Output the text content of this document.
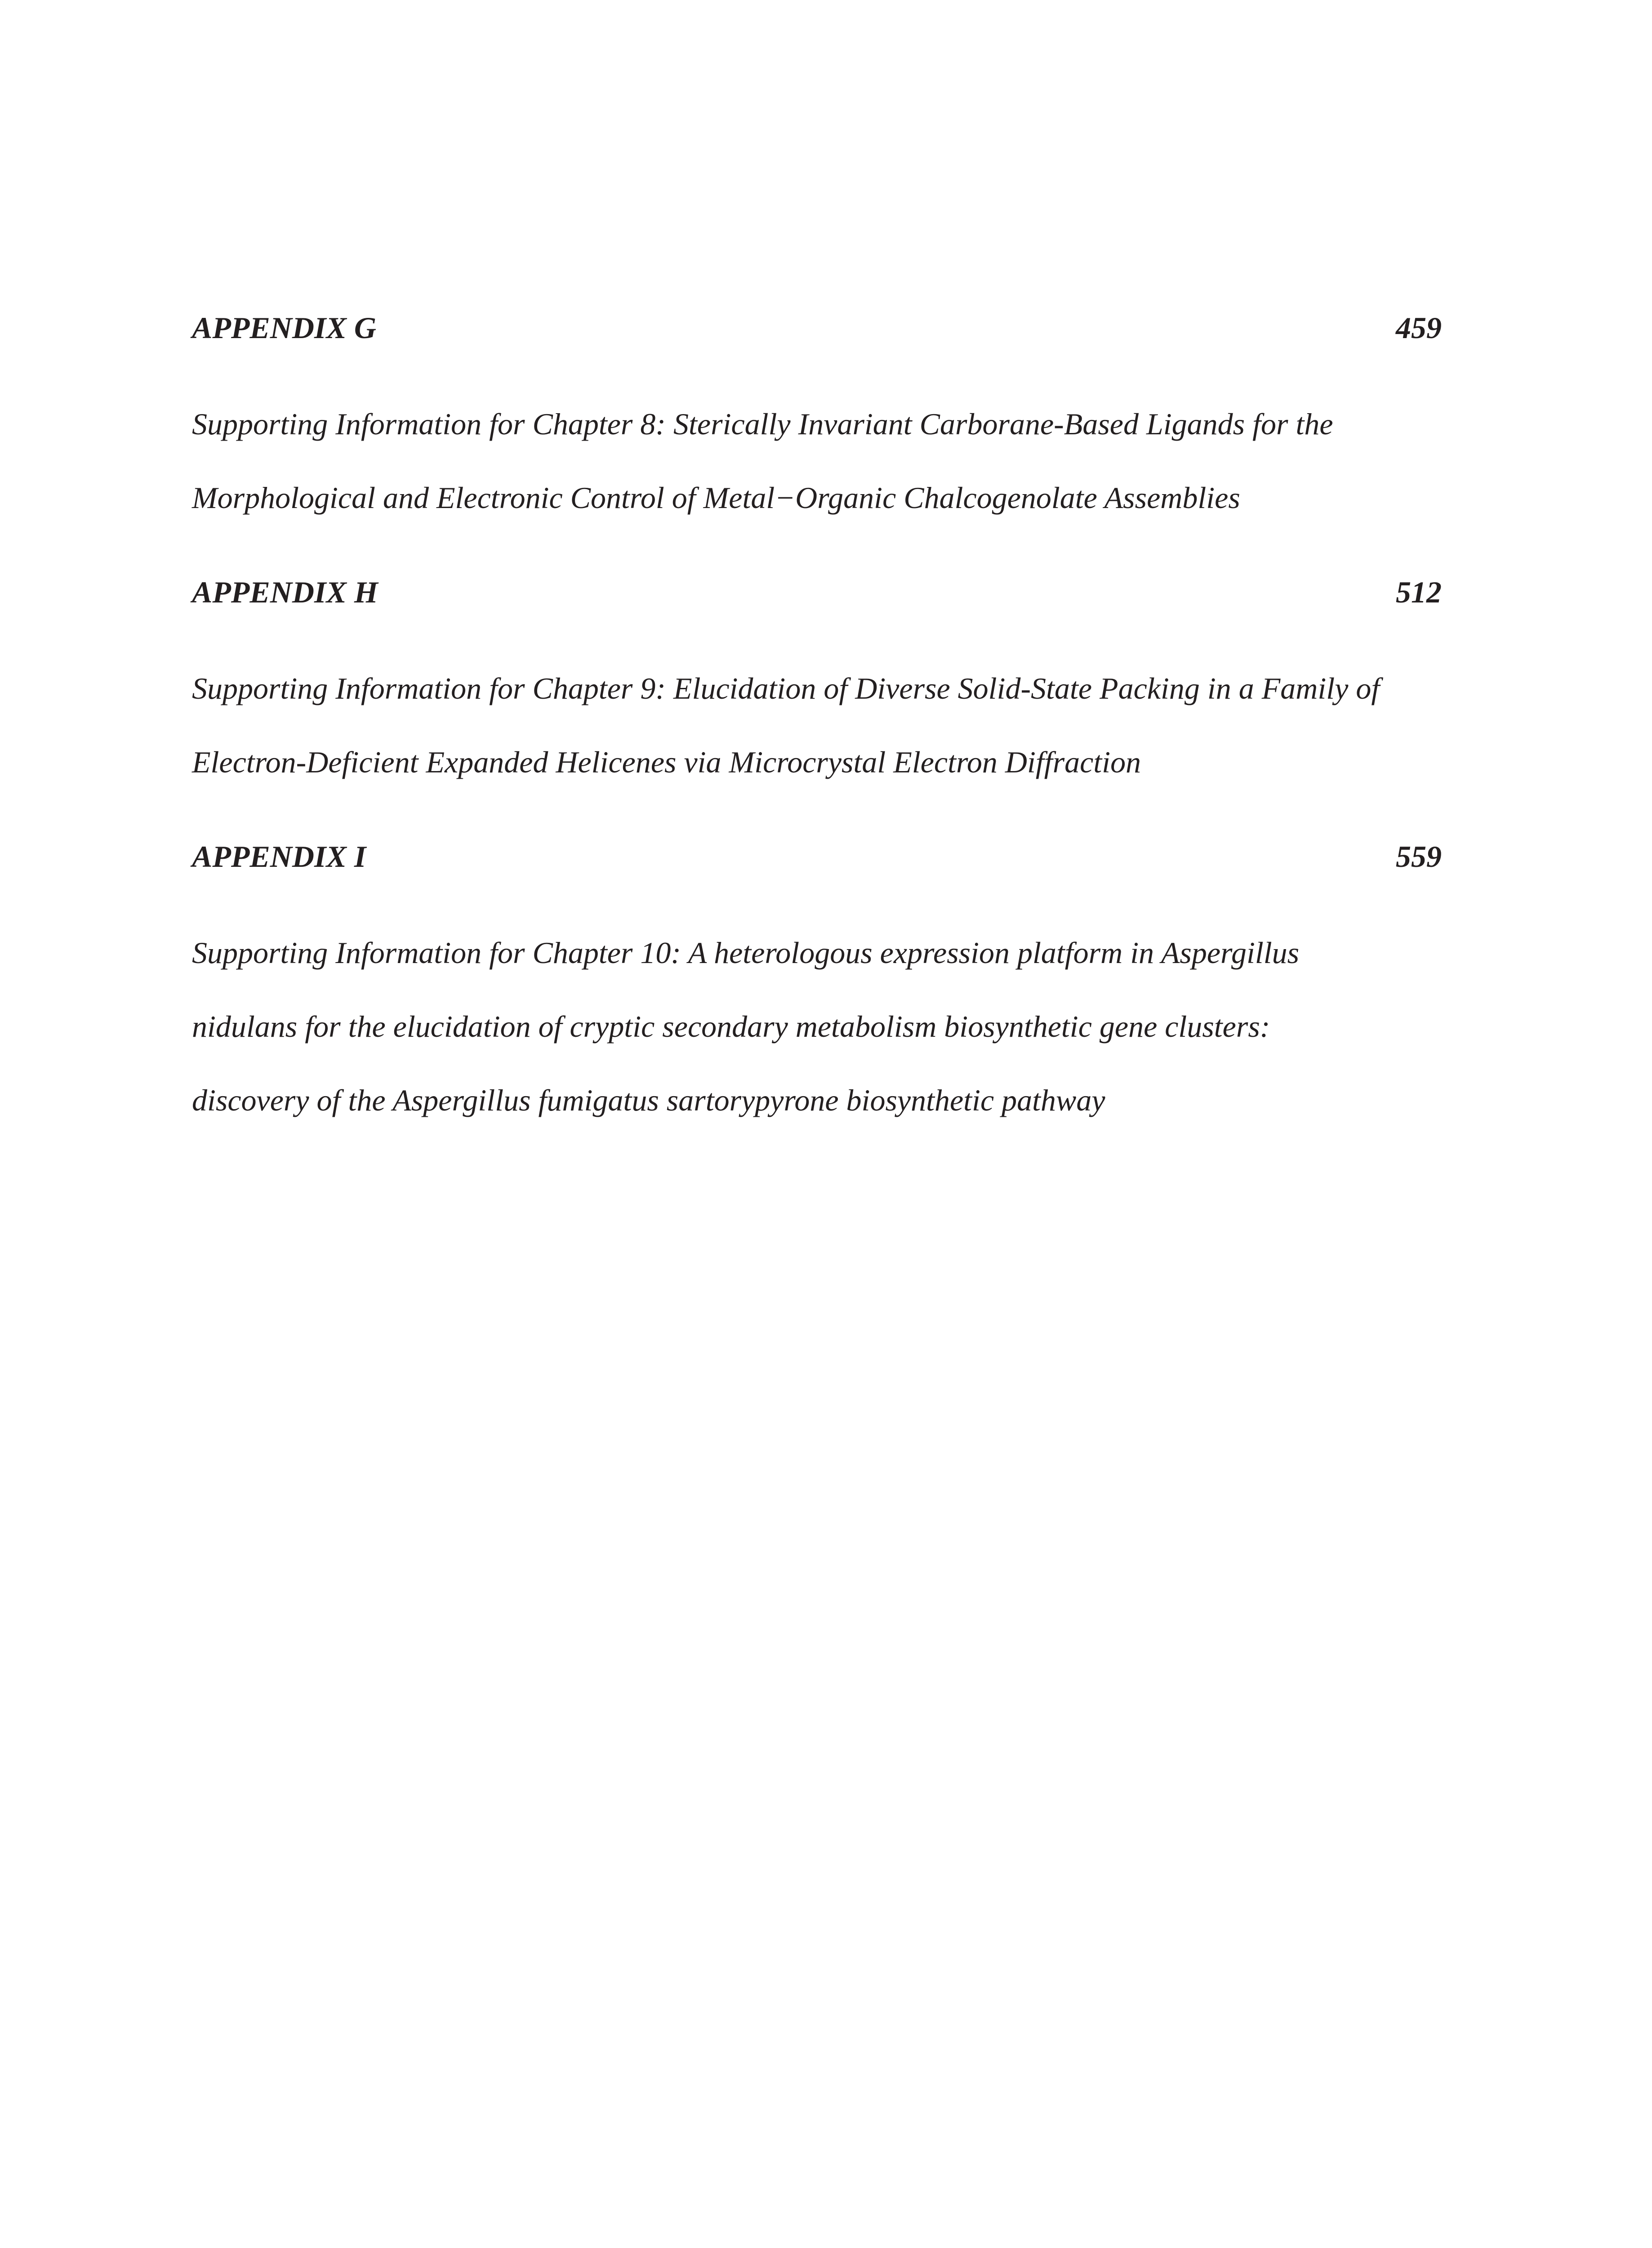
APPENDIX G	459
Supporting Information for Chapter 8: Sterically Invariant Carborane-Based Ligands for the
Morphological and Electronic Control of Metal−Organic Chalcogenolate Assemblies
APPENDIX H	512
Supporting Information for Chapter 9: Elucidation of Diverse Solid-State Packing in a Family of
Electron-Deficient Expanded Helicenes via Microcrystal Electron Diffraction
APPENDIX I	559
Supporting Information for Chapter 10: A heterologous expression platform in Aspergillus
nidulans for the elucidation of cryptic secondary metabolism biosynthetic gene clusters:
discovery of the Aspergillus fumigatus sartorypyrone biosynthetic pathway
